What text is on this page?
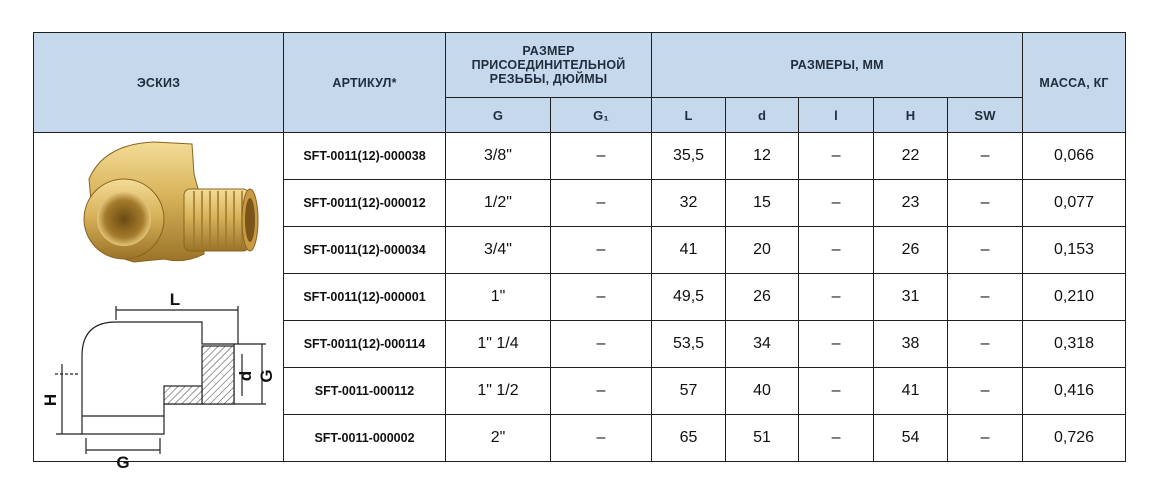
ЭСКИЗ	АРТИКУЛ*	РАЗМЕР
ПРИСОЕДИНИТЕЛЬНОЙ
РЕЗЬБЫ, ДЮЙМЫ		РАЗМЕРЫ, ММ					МАССА, КГ
		G	G₁	L	d	l	H	SW	

L
H
G
d G	SFT-0011(12)-000038	3/8"	–	35,5	12	–	22	–	0,066
	SFT-0011(12)-000012	1/2"	–	32	15	–	23	–	0,077
	SFT-0011(12)-000034	3/4"	–	41	20	–	26	–	0,153
	SFT-0011(12)-000001	1"	–	49,5	26	–	31	–	0,210
	SFT-0011(12)-000114	1" 1/4	–	53,5	34	–	38	–	0,318
	SFT-0011-000112	1" 1/2	–	57	40	–	41	–	0,416
	SFT-0011-000002	2"	–	65	51	–	54	–	0,726
